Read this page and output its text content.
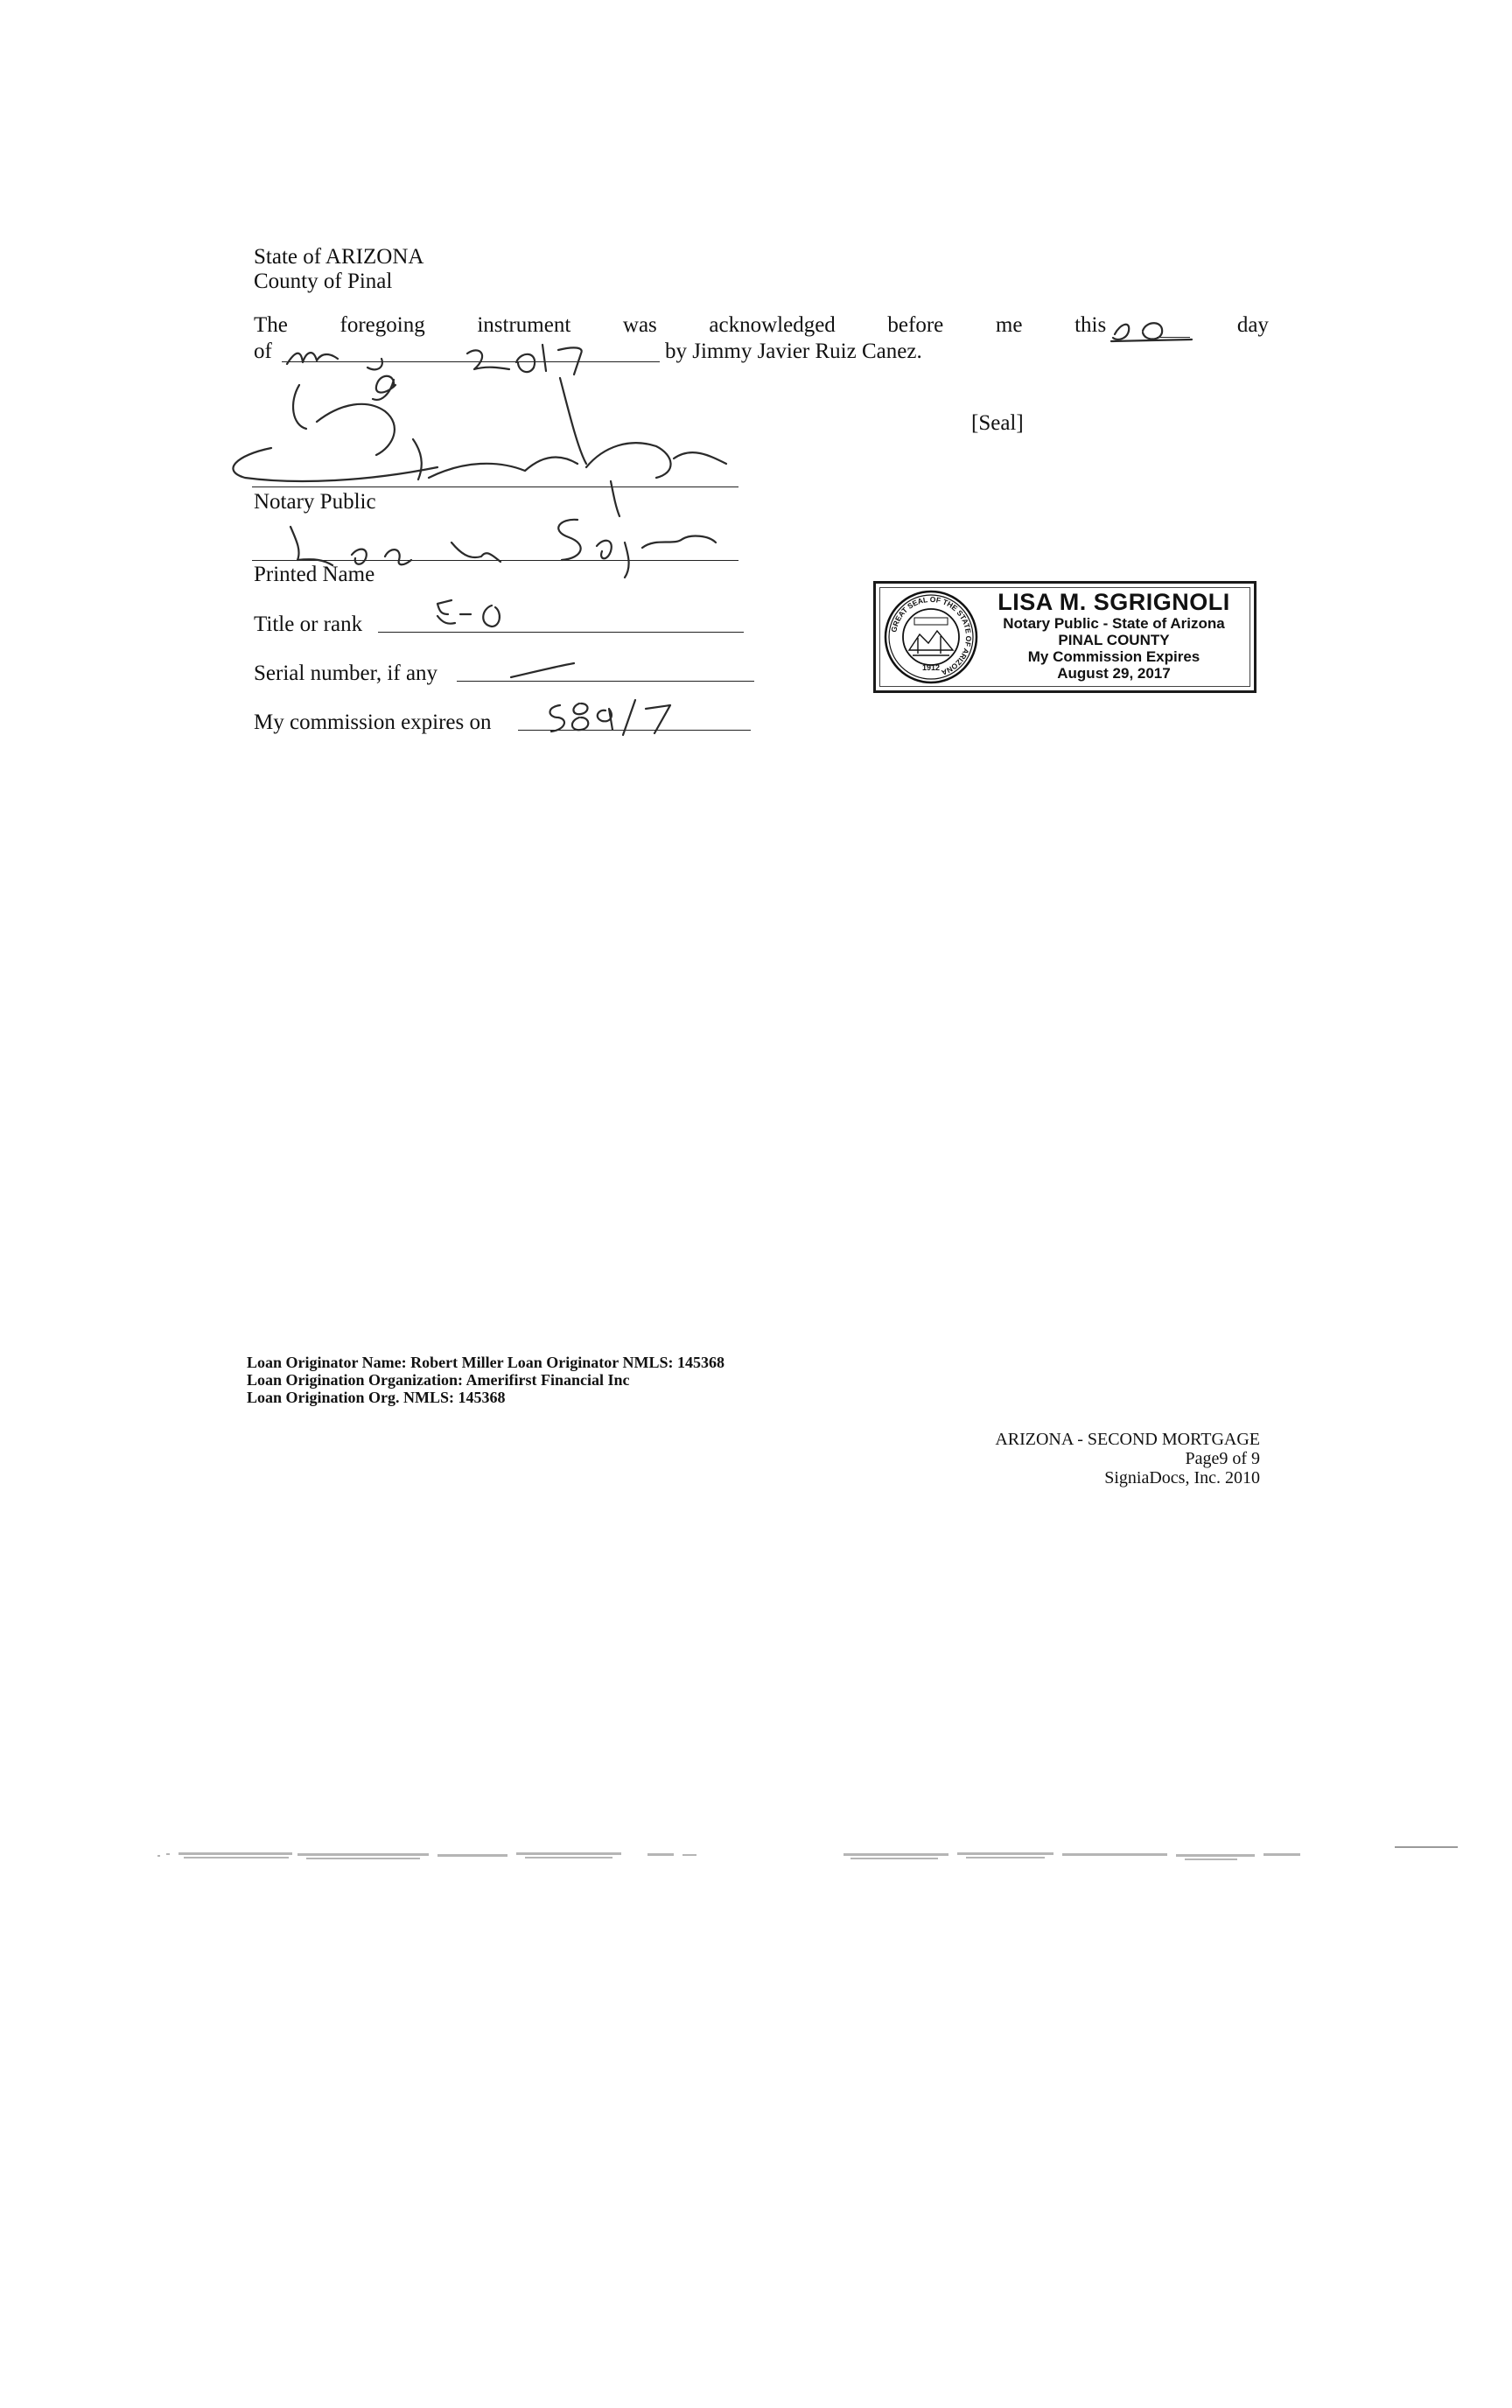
State of ARIZONA
County of Pinal
The foregoing instrument was acknowledged before me this	day
of	by Jimmy Javier Ruiz Canez.
[Seal]
Notary Public
Printed Name
Title or rank
Serial number, if any
My commission expires on
GREAT SEAL OF THE STATE OF ARIZONA
1912
LISA M. SGRIGNOLI
Notary Public - State of Arizona
PINAL COUNTY
My Commission Expires
August 29, 2017
Loan Originator Name: Robert Miller Loan Originator NMLS: 145368
Loan Origination Organization: Amerifirst Financial Inc
Loan Origination Org. NMLS: 145368
ARIZONA - SECOND MORTGAGE
Page9 of 9
SigniaDocs, Inc. 2010
